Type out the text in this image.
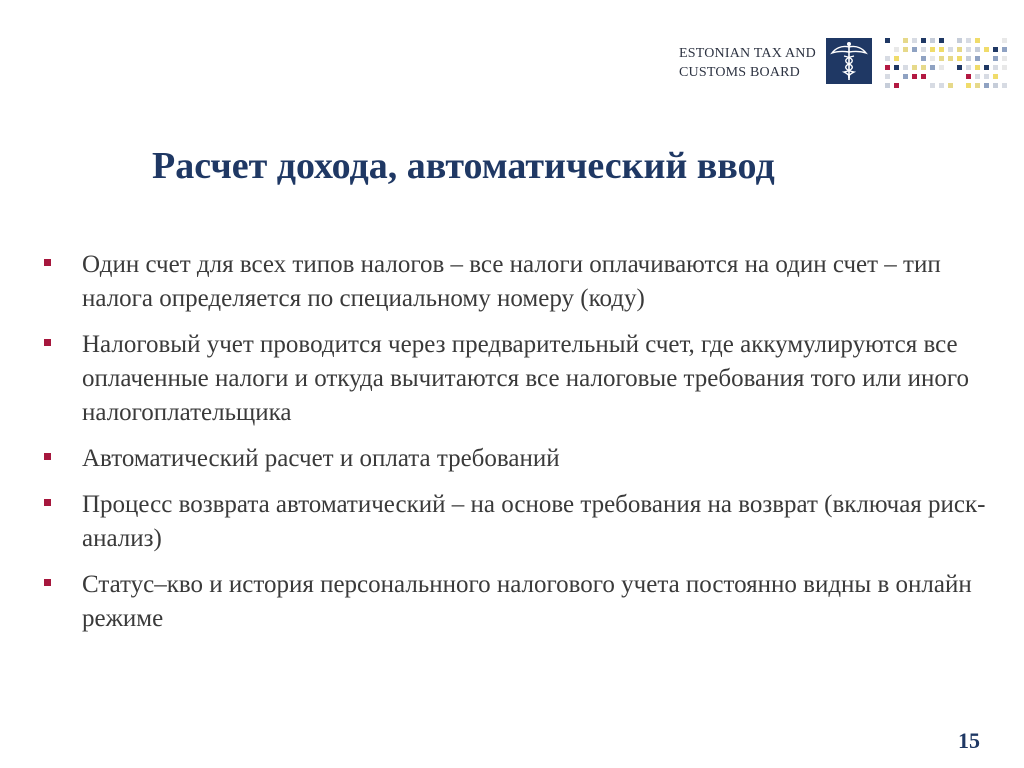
ESTONIAN TAX AND
CUSTOMS BOARD
Расчет дохода, автоматический ввод
Один счет для всех типов налогов – все налоги оплачиваются на один счет – тип налога определяется по специальному номеру (коду)
Налоговый учет проводится через предварительный счет, где аккумулируются все оплаченные налоги и откуда вычитаются все налоговые требования того или иного налогоплательщика
Автоматический расчет и оплата требований
Процесс возврата автоматический – на основе требования на возврат (включая риск-анализ)
Статус–кво и история персональнного налогового учета постоянно видны в онлайн режиме
15
